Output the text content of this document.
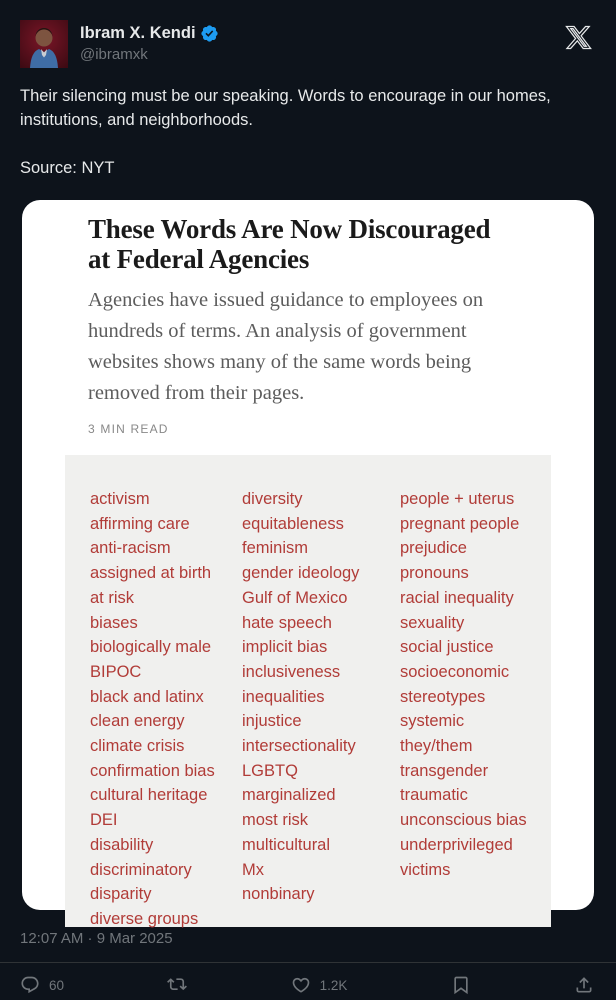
Ibram X. Kendi
@ibramxk
Their silencing must be our speaking. Words to encourage in our homes, institutions, and neighborhoods.
Source: NYT
These Words Are Now Discouraged at Federal Agencies
Agencies have issued guidance to employees on hundreds of terms. An analysis of government websites shows many of the same words being removed from their pages.
3 MIN READ
activism
affirming care
anti-racism
assigned at birth
at risk
biases
biologically male
BIPOC
black and latinx
clean energy
climate crisis
confirmation bias
cultural heritage
DEI
disability
discriminatory
disparity
diverse groups
diversity
equitableness
feminism
gender ideology
Gulf of Mexico
hate speech
implicit bias
inclusiveness
inequalities
injustice
intersectionality
LGBTQ
marginalized
most risk
multicultural
Mx
nonbinary
people + uterus
pregnant people
prejudice
pronouns
racial inequality
sexuality
social justice
socioeconomic
stereotypes
systemic
they/them
transgender
traumatic
unconscious bias
underprivileged
victims
12:07 AM · 9 Mar 2025
60	1.2K
